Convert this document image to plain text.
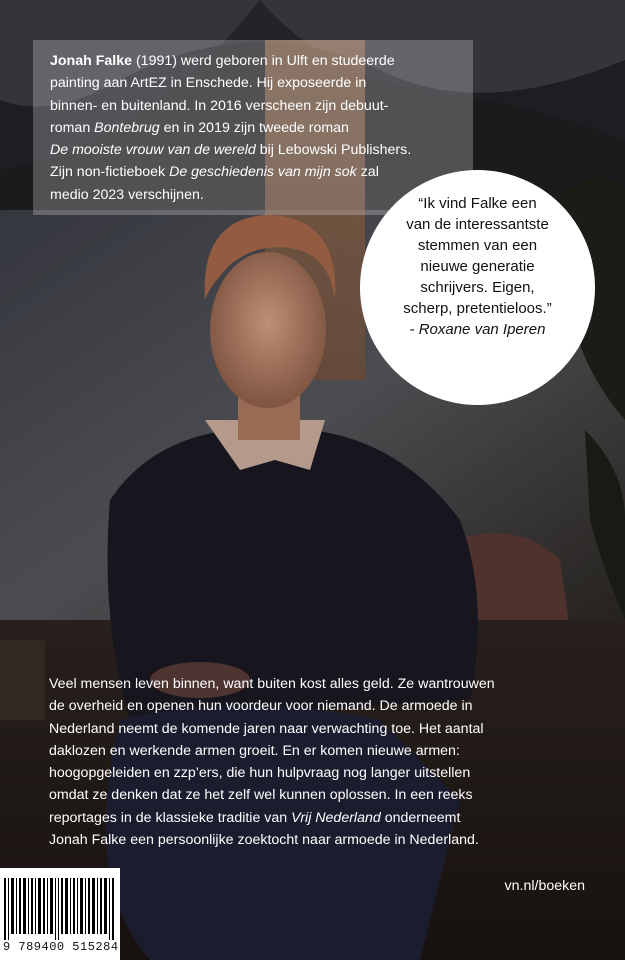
Jonah Falke (1991) werd geboren in Ulft en studeerde
painting aan ArtEZ in Enschede. Hij exposeerde in
binnen- en buitenland. In 2016 verscheen zijn debuut-
roman Bontebrug en in 2019 zijn tweede roman
De mooiste vrouw van de wereld bij Lebowski Publishers.
Zijn non-fictieboek De geschiedenis van mijn sok zal
medio 2023 verschijnen.
“Ik vind Falke een
van de interessantste
stemmen van een
nieuwe generatie
schrijvers. Eigen,
scherp, pretentieloos.”
- Roxane van Iperen
Veel mensen leven binnen, want buiten kost alles geld. Ze wantrouwen
de overheid en openen hun voordeur voor niemand. De armoede in
Nederland neemt de komende jaren naar verwachting toe. Het aantal
daklozen en werkende armen groeit. En er komen nieuwe armen:
hoogopgeleiden en zzp’ers, die hun hulpvraag nog langer uitstellen
omdat ze denken dat ze het zelf wel kunnen oplossen. In een reeks
reportages in de klassieke traditie van Vrij Nederland onderneemt
Jonah Falke een persoonlijke zoektocht naar armoede in Nederland.
vn.nl/boeken
9 789400 515284
